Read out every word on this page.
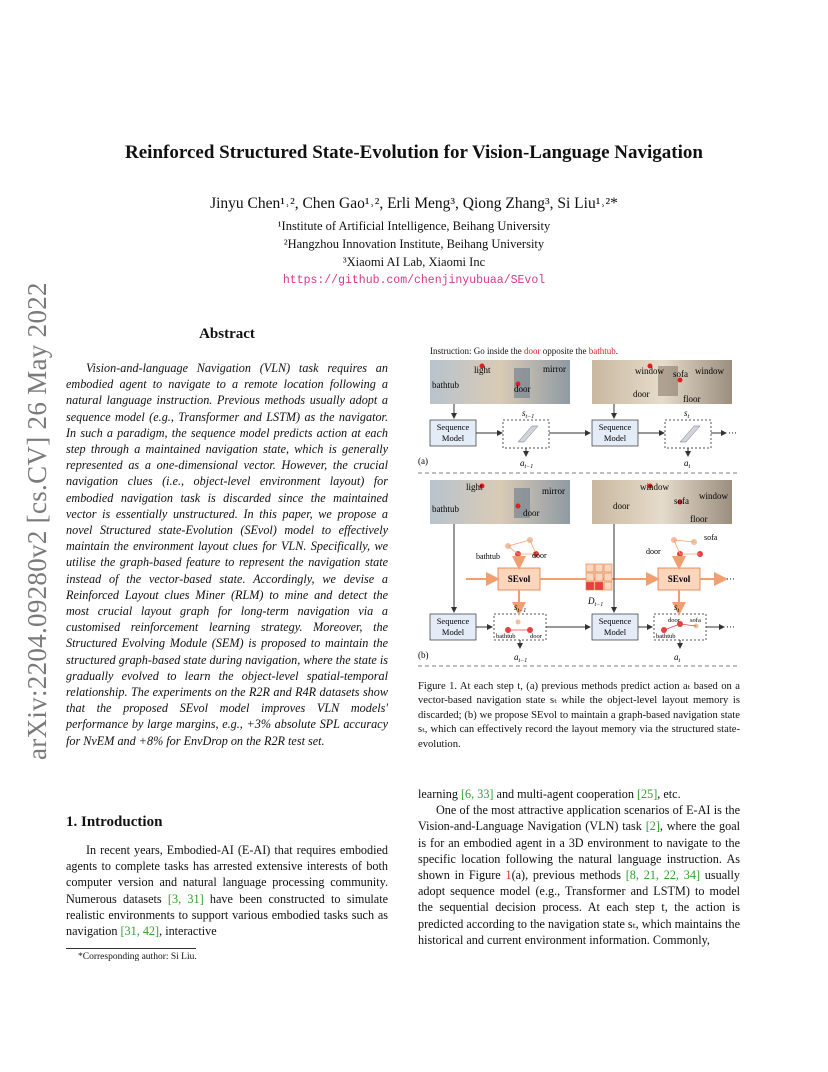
arXiv:2204.09280v2 [cs.CV] 26 May 2022
Reinforced Structured State-Evolution for Vision-Language Navigation
Jinyu Chen¹˒², Chen Gao¹˒², Erli Meng³, Qiong Zhang³, Si Liu¹˒²*
¹Institute of Artificial Intelligence, Beihang University
²Hangzhou Innovation Institute, Beihang University
³Xiaomi AI Lab, Xiaomi Inc
https://github.com/chenjinyubuaa/SEvol
Abstract
Vision-and-language Navigation (VLN) task requires an embodied agent to navigate to a remote location following a natural language instruction. Previous methods usually adopt a sequence model (e.g., Transformer and LSTM) as the navigator. In such a paradigm, the sequence model predicts action at each step through a maintained navigation state, which is generally represented as a one-dimensional vector. However, the crucial navigation clues (i.e., object-level environment layout) for embodied navigation task is discarded since the maintained vector is essentially unstructured. In this paper, we propose a novel Structured state-Evolution (SEvol) model to effectively maintain the environment layout clues for VLN. Specifically, we utilise the graph-based feature to represent the navigation state instead of the vector-based state. Accordingly, we devise a Reinforced Layout clues Miner (RLM) to mine and detect the most crucial layout graph for long-term navigation via a customised reinforcement learning strategy. Moreover, the Structured Evolving Module (SEM) is proposed to maintain the structured graph-based state during navigation, where the state is gradually evolved to learn the object-level spatial-temporal relationship. The experiments on the R2R and R4R datasets show that the proposed SEvol model improves VLN models' performance by large margins, e.g., +3% absolute SPL accuracy for NvEM and +8% for EnvDrop on the R2R test set.
1. Introduction
In recent years, Embodied-AI (E-AI) that requires embodied agents to complete tasks has arrested extensive interests of both computer version and natural language processing community. Numerous datasets [3, 31] have been constructed to simulate realistic environments to support various embodied tasks such as navigation [31, 42], interactive
*Corresponding author: Si Liu.
Instruction: Go inside the door opposite the bathtub.
light
bathtub
mirror
door
window sofa window
door	floor
Sequence
Model
Sequence
Model	···
$s_{t-1}$	$s_t$
$a_{t-1}$	$a_t$
(a)
light
bathtub
mirror
door
window
door	sofa window
floor
bathtub	door	door
sofa
SEvol	SEvol	···
$D_{t-1}$
Sequence
Model
Sequence
Model
bathtub door	bathtub
door sofa
···
$s_{t-1}$	$s_t$
$a_{t-1}$	$a_t$
(b)
Figure 1. At each step t, (a) previous methods predict action aₜ based on a vector-based navigation state sₜ while the object-level layout memory is discarded; (b) we propose SEvol to maintain a graph-based navigation state sₜ, which can effectively record the layout memory via the structured state-evolution.
learning [6, 33] and multi-agent cooperation [25], etc.
One of the most attractive application scenarios of E-AI is the Vision-and-Language Navigation (VLN) task [2], where the goal is for an embodied agent in a 3D environment to navigate to the specific location following the natural language instruction. As shown in Figure 1(a), previous methods [8, 21, 22, 34] usually adopt sequence model (e.g., Transformer and LSTM) to model the sequential decision process. At each step t, the action is predicted according to the navigation state sₜ, which maintains the historical and current environment information. Commonly,
